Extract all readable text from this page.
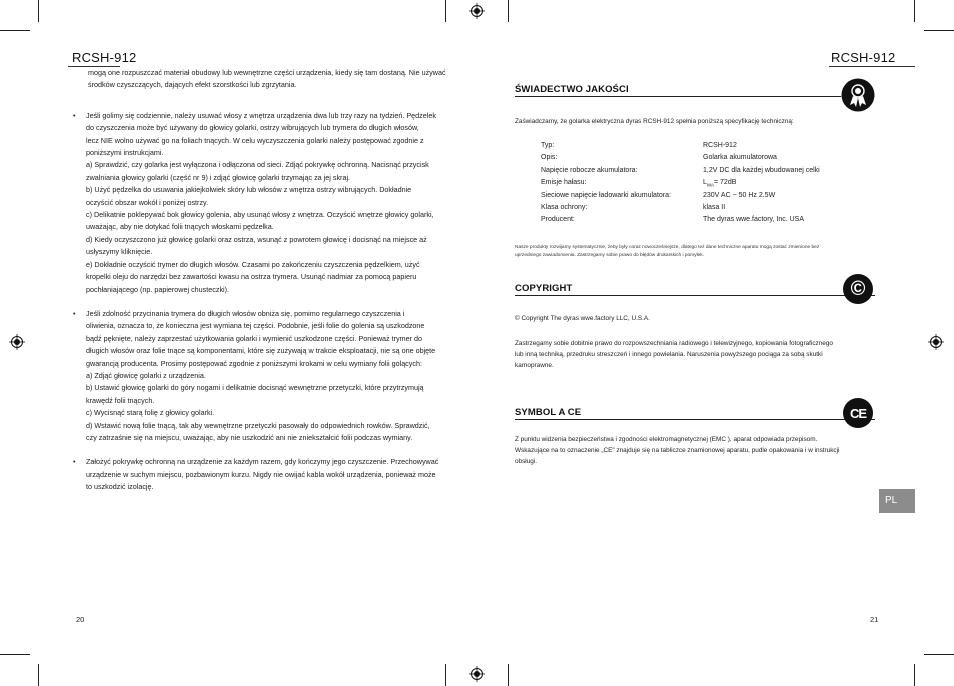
RCSH-912

mogą one rozpuszczać materiał obudowy lub wewnętrzne części urządzenia, kiedy się tam dostaną. Nie używać środków czyszczących, dających efekt szorstkości lub zgrzytania.

• Jeśli golimy się codziennie, należy usuwać włosy z wnętrza urządzenia dwa lub trzy razy na tydzień. Pędzelek

do czyszczenia może być używany do głowicy golarki, ostrzy wibrujących lub trymera do długich włosów,

lecz NIE wolno używać go na foliach tnących. W celu wyczyszczenia golarki należy postępować zgodnie z

poniższymi instrukcjami.

a) Sprawdzić, czy golarka jest wyłączona i odłączona od sieci. Zdjąć pokrywkę ochronną. Nacisnąć przycisk

zwalniania głowicy golarki (część nr 9) i zdjąć głowicę golarki trzymając za jej skraj.

b) Użyć pędzelka do usuwania jakiejkolwiek skóry lub włosów z wnętrza ostrzy wibrujących. Dokładnie

oczyścić obszar wokół i poniżej ostrzy.

c) Delikatnie poklepywać bok głowicy golenia, aby usunąć włosy z wnętrza. Oczyścić wnętrze głowicy golarki,

uważając, aby nie dotykać folii tnących włoskami pędzelka.

d) Kiedy oczyszczono już głowicę golarki oraz ostrza, wsunąć z powrotem głowicę i docisnąć na miejsce aż

usłyszymy kliknięcie.

e) Dokładnie oczyścić trymer do długich włosów. Czasami po zakończeniu czyszczenia pędzelkiem, użyć

kropelki oleju do narzędzi bez zawartości kwasu na ostrza trymera. Usunąć nadmiar za pomocą papieru

pochłaniającego (np. papierowej chusteczki).

• Jeśli zdolność przycinania trymera do długich włosów obniża się, pomimo regularnego czyszczenia i

oliwienia, oznacza to, że konieczna jest wymiana tej części. Podobnie, jeśli folie do golenia są uszkodzone

bądź pęknięte, należy zaprzestać użytkowania golarki i wymienić uszkodzone części. Ponieważ trymer do

długich włosów oraz folie tnące są komponentami, które się zużywają w trakcie eksploatacji, nie są one objęte

gwarancją producenta. Prosimy postępować zgodnie z poniższymi krokami w celu wymiany folii golących:

a) Zdjąć głowicę golarki z urządzenia.

b) Ustawić głowicę golarki do góry nogami i delikatnie docisnąć wewnętrzne przetyczki, które przytrzymują

krawędź folii tnących.

c) Wycisnąć starą folię z głowicy golarki.

d) Wstawić nową folie tnącą, tak aby wewnętrzne przetyczki pasowały do odpowiednich rowków. Sprawdzić,

czy zatrzaśnie się na miejscu, uważając, aby nie uszkodzić ani nie zniekształcić folii podczas wymiany.

• Założyć pokrywkę ochronną na urządzenie za każdym razem, gdy kończymy jego czyszczenie. Przechowywać

urządzenie w suchym miejscu, pozbawionym kurzu. Nigdy nie owijać kabla wokół urządzenia, ponieważ może

to uszkodzić izolację.

20
RCSH-912
ŚWIADECTWO JAKOŚCI
Zaświadczamy, że golarka elektryczna dyras RCSH-912 spełnia poniższą specyfikację techniczną:
Typ:	RCSH-912
Opis:	Golarka akumulatorowa
Napięcie robocze akumulatora:	1,2V DC dla każdej wbudowanej celki
Emisje hałasu:	$L_{WA}= 72dB$
Sieciowe napięcie ładowarki akumulatora:	230V AC ~ 50 Hz 2.5W
Klasa ochrony:	klasa II
Producent:	The dyras wwe.factory, Inc. USA
Nasze produkty rozwijamy systematycznie, żeby były coraz nowocześniejsze, dlatego też dane techniczne aparatu mogą zostać zmienione bez
uprzedniego zawiadomienia. Zastrzegamy sobie prawo do błędów drukarskich i pomyłek.
COPYRIGHT	©
© Copyright The dyras wwe.factory LLC, U.S.A.
Zastrzegamy sobie dobitnie prawo do rozpowszechniania radiowego i telewizyjnego, kopiowania fotograficznego
lub inną techniką, przedruku streszczeń i innego powielania. Naruszenia powyższego pociąga za sobą skutki
karnoprawne.
SYMBOL A CE	CE
Z punktu widzenia bezpieczeństwa i zgodności elektromagnetycznej (EMC ), aparat odpowiada przepisom.
Wskazujące na to oznaczenie „CE" znajduje się na tabliczce znamionowej aparatu, pudle opakowania i w instrukcji
obsługi.
PL
21
